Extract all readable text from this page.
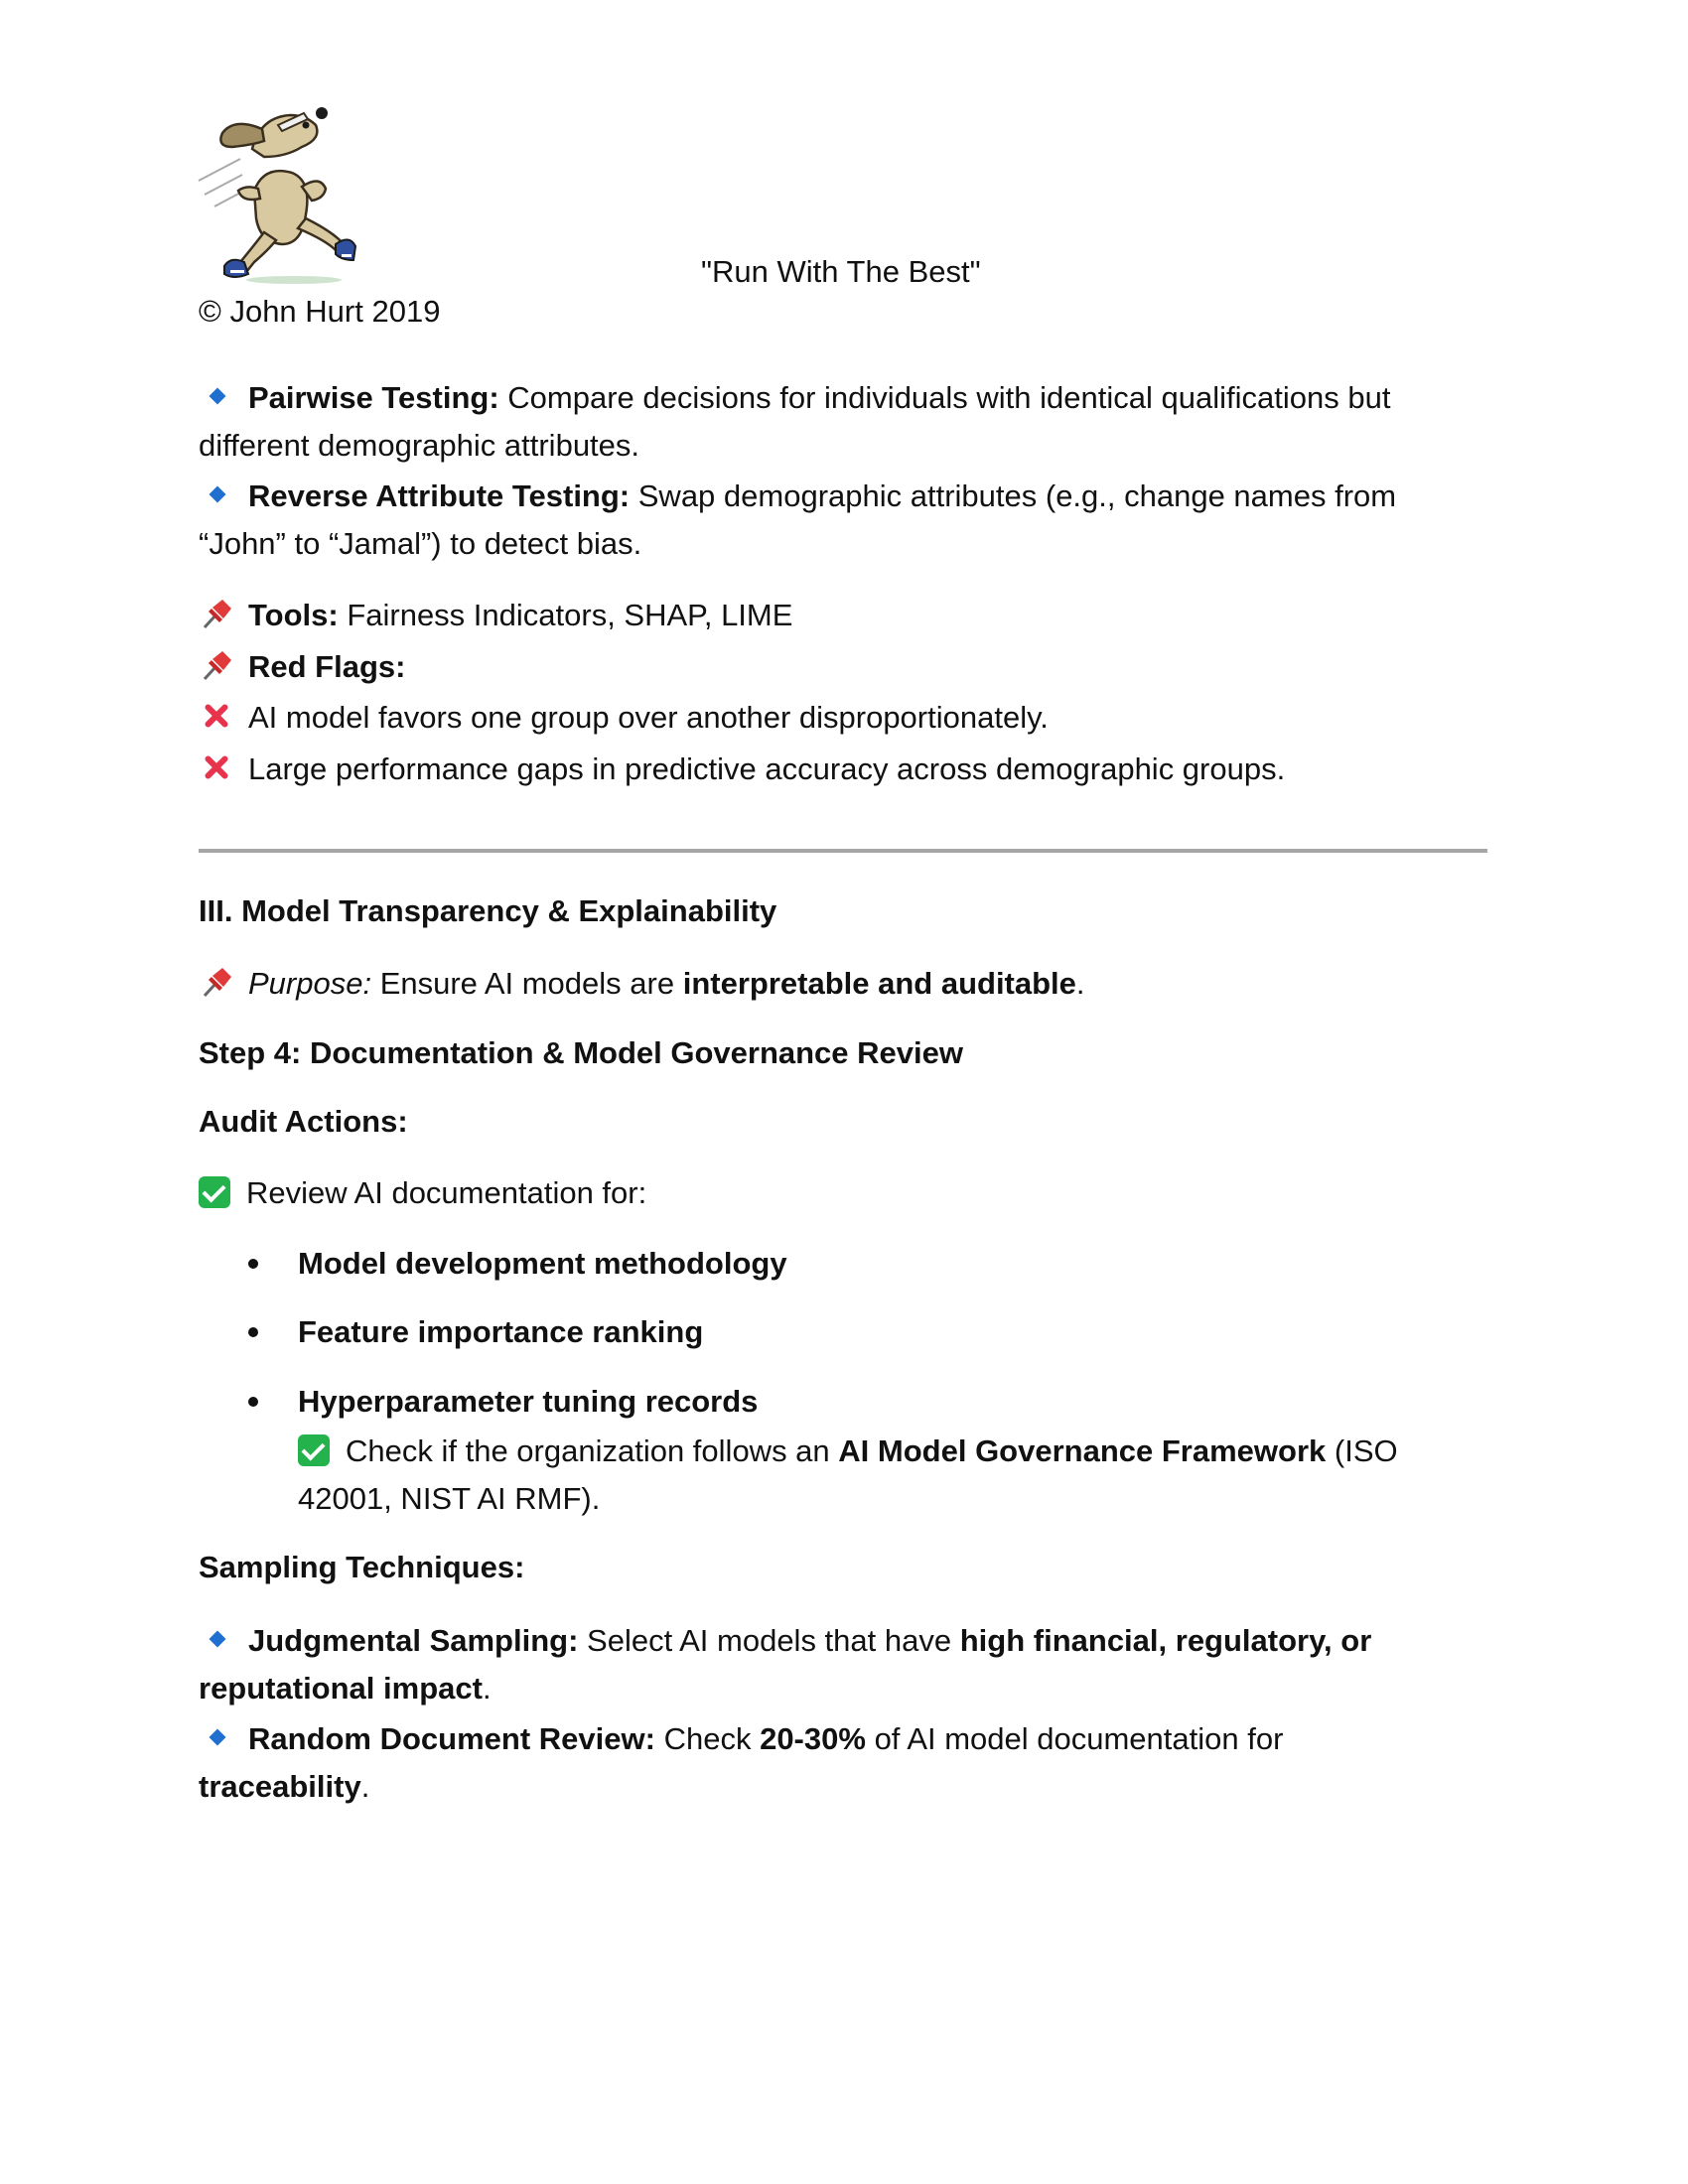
"Run With The Best"
© John Hurt 2019
Pairwise Testing: Compare decisions for individuals with identical qualifications but
different demographic attributes.
Reverse Attribute Testing: Swap demographic attributes (e.g., change names from
“John” to “Jamal”) to detect bias.
Tools: Fairness Indicators, SHAP, LIME
Red Flags:
AI model favors one group over another disproportionately.
Large performance gaps in predictive accuracy across demographic groups.
III. Model Transparency & Explainability
Purpose: Ensure AI models are interpretable and auditable.
Step 4: Documentation & Model Governance Review
Audit Actions:
Review AI documentation for:
Model development methodology
Feature importance ranking
Hyperparameter tuning records
Check if the organization follows an AI Model Governance Framework (ISO
42001, NIST AI RMF).
Sampling Techniques:
Judgmental Sampling: Select AI models that have high financial, regulatory, or
reputational impact.
Random Document Review: Check 20-30% of AI model documentation for
traceability.
